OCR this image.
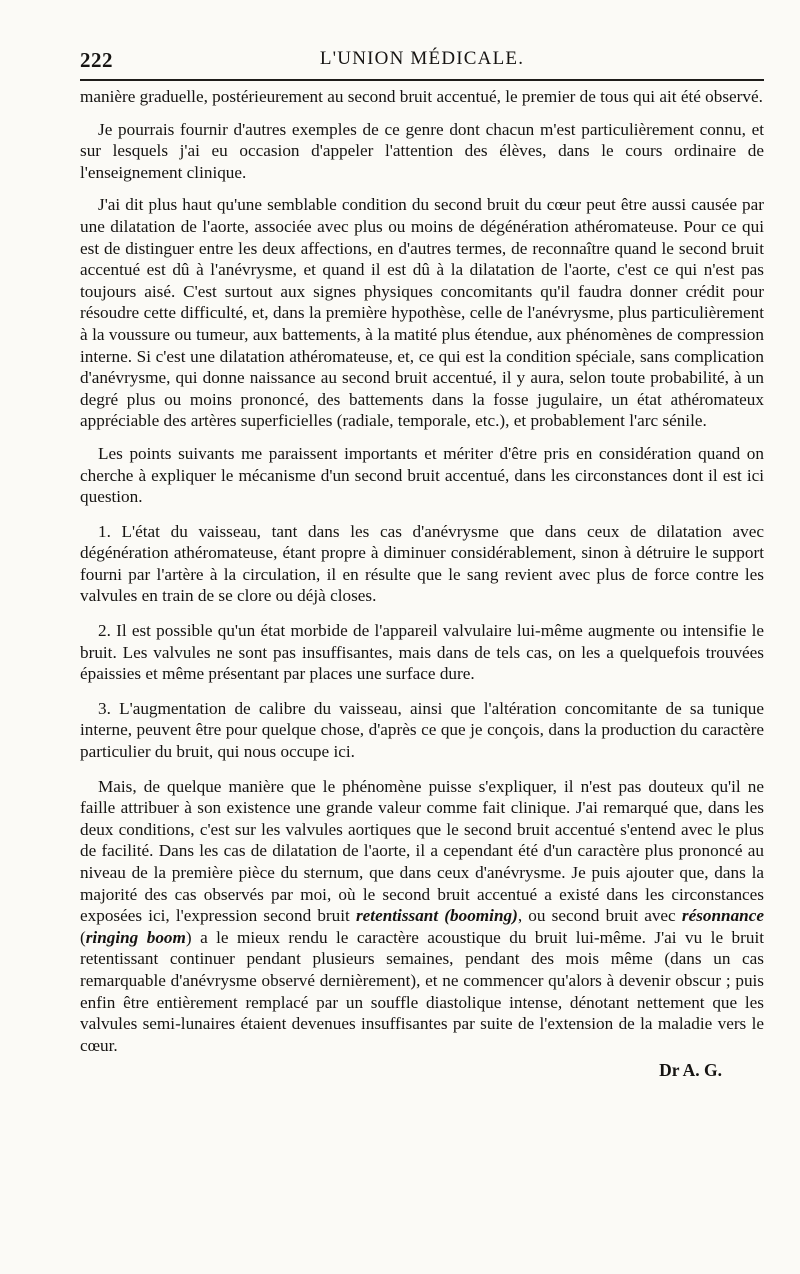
222	L'UNION MÉDICALE.

manière graduelle, postérieurement au second bruit accentué, le premier de tous qui ait été observé.

Je pourrais fournir d'autres exemples de ce genre dont chacun m'est particulièrement connu, et sur lesquels j'ai eu occasion d'appeler l'attention des élèves, dans le cours ordinaire de l'enseignement clinique.

J'ai dit plus haut qu'une semblable condition du second bruit du cœur peut être aussi causée par une dilatation de l'aorte, associée avec plus ou moins de dégénération athéromateuse. Pour ce qui est de distinguer entre les deux affections, en d'autres termes, de reconnaître quand le second bruit accentué est dû à l'anévrysme, et quand il est dû à la dilatation de l'aorte, c'est ce qui n'est pas toujours aisé. C'est surtout aux signes physiques concomitants qu'il faudra donner crédit pour résoudre cette difficulté, et, dans la première hypothèse, celle de l'anévrysme, plus particulièrement à la voussure ou tumeur, aux battements, à la matité plus étendue, aux phénomènes de compression interne. Si c'est une dilatation athéromateuse, et, ce qui est la condition spéciale, sans complication d'anévrysme, qui donne naissance au second bruit accentué, il y aura, selon toute probabilité, à un degré plus ou moins prononcé, des battements dans la fosse jugulaire, un état athéromateux appréciable des artères superficielles (radiale, temporale, etc.), et probablement l'arc sénile.

Les points suivants me paraissent importants et mériter d'être pris en considération quand on cherche à expliquer le mécanisme d'un second bruit accentué, dans les circonstances dont il est ici question.

1. L'état du vaisseau, tant dans les cas d'anévrysme que dans ceux de dilatation avec dégénération athéromateuse, étant propre à diminuer considérablement, sinon à détruire le support fourni par l'artère à la circulation, il en résulte que le sang revient avec plus de force contre les valvules en train de se clore ou déjà closes.

2. Il est possible qu'un état morbide de l'appareil valvulaire lui-même augmente ou intensifie le bruit. Les valvules ne sont pas insuffisantes, mais dans de tels cas, on les a quelquefois trouvées épaissies et même présentant par places une surface dure.

3. L'augmentation de calibre du vaisseau, ainsi que l'altération concomitante de sa tunique interne, peuvent être pour quelque chose, d'après ce que je conçois, dans la production du caractère particulier du bruit, qui nous occupe ici.

Mais, de quelque manière que le phénomène puisse s'expliquer, il n'est pas douteux qu'il ne faille attribuer à son existence une grande valeur comme fait clinique. J'ai remarqué que, dans les deux conditions, c'est sur les valvules aortiques que le second bruit accentué s'entend avec le plus de facilité. Dans les cas de dilatation de l'aorte, il a cependant été d'un caractère plus prononcé au niveau de la première pièce du sternum, que dans ceux d'anévrysme. Je puis ajouter que, dans la majorité des cas observés par moi, où le second bruit accentué a existé dans les circonstances exposées ici, l'expression second bruit retentissant (booming), ou second bruit avec résonnance (ringing boom) a le mieux rendu le caractère acoustique du bruit lui-même. J'ai vu le bruit retentissant continuer pendant plusieurs semaines, pendant des mois même (dans un cas remarquable d'anévrysme observé dernièrement), et ne commencer qu'alors à devenir obscur ; puis enfin être entièrement remplacé par un souffle diastolique intense, dénotant nettement que les valvules semi-lunaires étaient devenues insuffisantes par suite de l'extension de la maladie vers le cœur.

Dr A. G.
